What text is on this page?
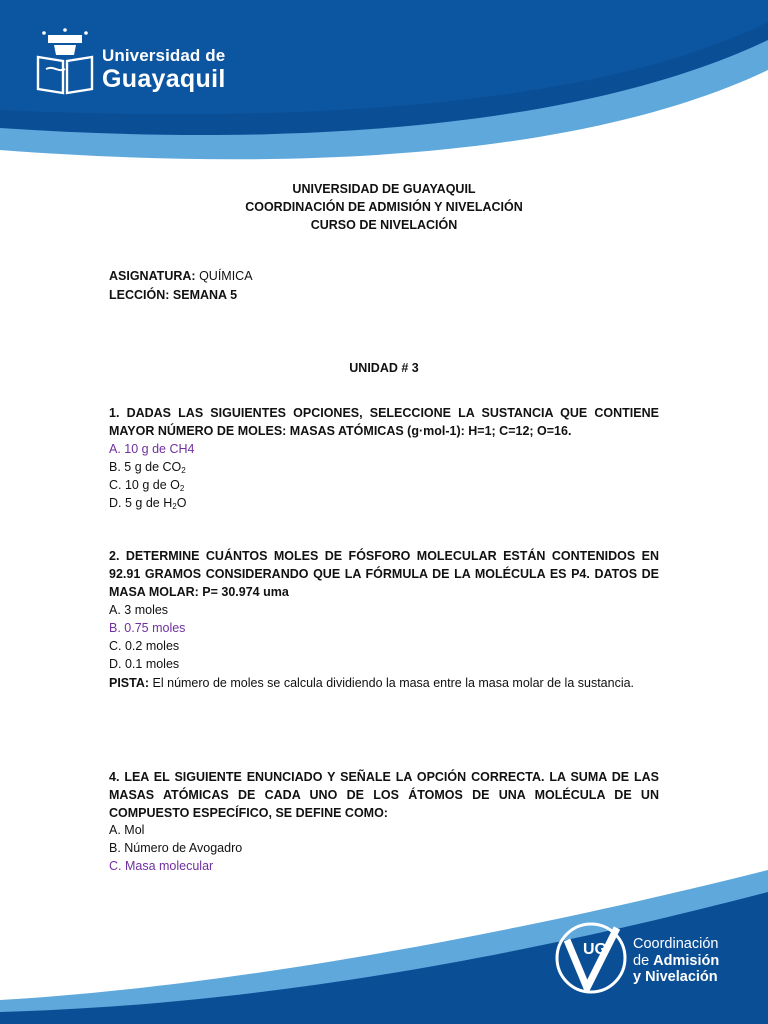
Universidad de
Guayaquil
UNIVERSIDAD DE GUAYAQUIL
COORDINACIÓN DE ADMISIÓN Y NIVELACIÓN
CURSO DE NIVELACIÓN
ASIGNATURA: QUÍMICA
LECCIÓN: SEMANA 5
UNIDAD # 3
1. DADAS LAS SIGUIENTES OPCIONES, SELECCIONE LA SUSTANCIA QUE CONTIENE MAYOR NÚMERO DE MOLES: MASAS ATÓMICAS (g·mol-1): H=1; C=12; O=16.
A. 10 g de CH4
B. 5 g de $CO_2$
C. 10 g de $O_2$
D. 5 g de $H_2O$
2. DETERMINE CUÁNTOS MOLES DE FÓSFORO MOLECULAR ESTÁN CONTENIDOS EN 92.91 GRAMOS CONSIDERANDO QUE LA FÓRMULA DE LA MOLÉCULA ES P4. DATOS DE MASA MOLAR: P= 30.974 uma
A. 3 moles
B. 0.75 moles
C. 0.2 moles
D. 0.1 moles
PISTA: El número de moles se calcula dividiendo la masa entre la masa molar de la sustancia.
4. LEA EL SIGUIENTE ENUNCIADO Y SEÑALE LA OPCIÓN CORRECTA. LA SUMA DE LAS MASAS ATÓMICAS DE CADA UNO DE LOS ÁTOMOS DE UNA MOLÉCULA DE UN COMPUESTO ESPECÍFICO, SE DEFINE COMO:
A. Mol
B. Número de Avogadro
C. Masa molecular
UG Coordinación
de Admisión
y Nivelación
